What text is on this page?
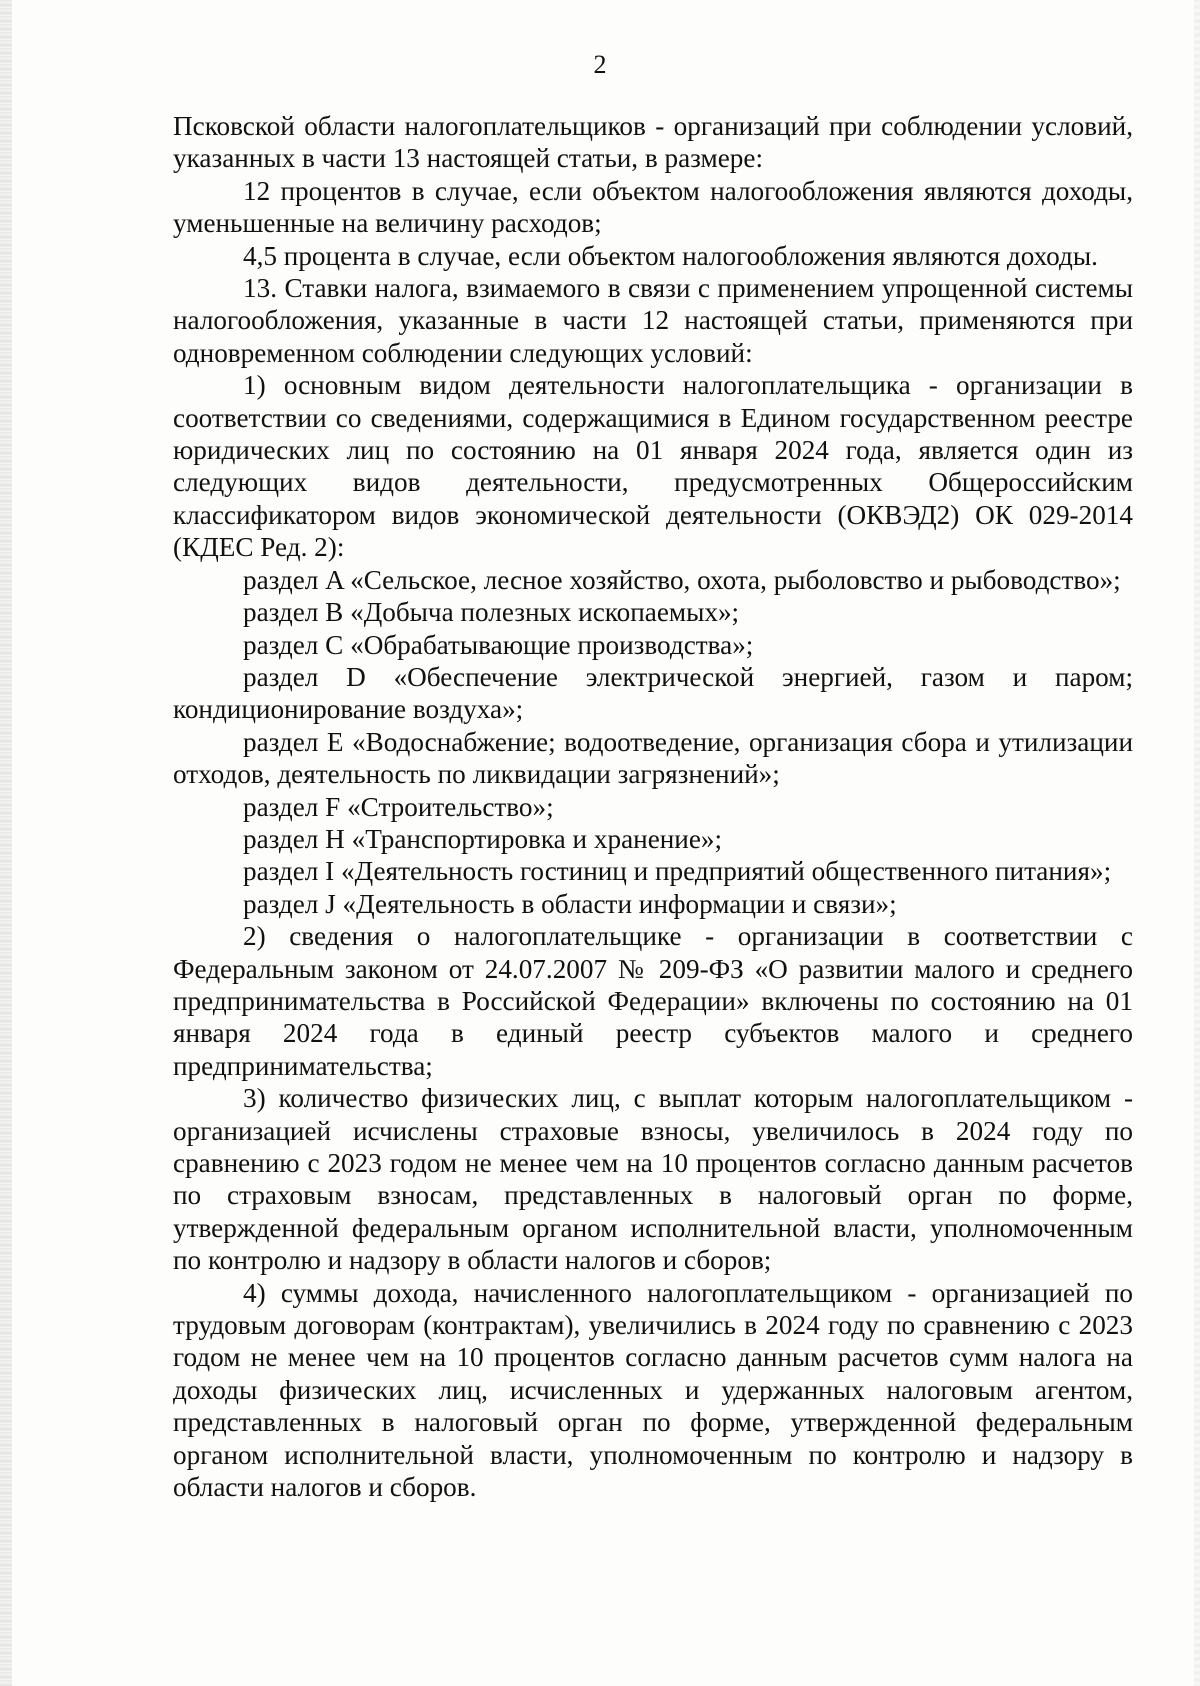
2

Псковской области налогоплательщиков - организаций при соблюдении условий, указанных в части 13 настоящей статьи, в размере:

12 процентов в случае, если объектом налогообложения являются доходы, уменьшенные на величину расходов;

4,5 процента в случае, если объектом налогообложения являются доходы.

13. Ставки налога, взимаемого в связи с применением упрощенной системы налогообложения, указанные в части 12 настоящей статьи, применяются при одновременном соблюдении следующих условий:

1) основным видом деятельности налогоплательщика - организации в соответствии со сведениями, содержащимися в Едином государственном реестре юридических лиц по состоянию на 01 января 2024 года, является один из следующих видов деятельности, предусмотренных Общероссийским классификатором видов экономической деятельности (ОКВЭД2) ОК 029-2014 (КДЕС Ред. 2):

раздел A «Сельское, лесное хозяйство, охота, рыболовство и рыбоводство»;

раздел B «Добыча полезных ископаемых»;

раздел C «Обрабатывающие производства»;

раздел D «Обеспечение электрической энергией, газом и паром; кондиционирование воздуха»;

раздел E «Водоснабжение; водоотведение, организация сбора и утилизации отходов, деятельность по ликвидации загрязнений»;

раздел F «Строительство»;

раздел H «Транспортировка и хранение»;

раздел I «Деятельность гостиниц и предприятий общественного питания»;

раздел J «Деятельность в области информации и связи»;

2) сведения о налогоплательщике - организации в соответствии с Федеральным законом от 24.07.2007 № 209-ФЗ «О развитии малого и среднего предпринимательства в Российской Федерации» включены по состоянию на 01 января 2024 года в единый реестр субъектов малого и среднего предпринимательства;

3) количество физических лиц, с выплат которым налогоплательщиком - организацией исчислены страховые взносы, увеличилось в 2024 году по сравнению с 2023 годом не менее чем на 10 процентов согласно данным расчетов по страховым взносам, представленных в налоговый орган по форме, утвержденной федеральным органом исполнительной власти, уполномоченным по контролю и надзору в области налогов и сборов;

4) суммы дохода, начисленного налогоплательщиком - организацией по трудовым договорам (контрактам), увеличились в 2024 году по сравнению с 2023 годом не менее чем на 10 процентов согласно данным расчетов сумм налога на доходы физических лиц, исчисленных и удержанных налоговым агентом, представленных в налоговый орган по форме, утвержденной федеральным органом исполнительной власти, уполномоченным по контролю и надзору в области налогов и сборов.
